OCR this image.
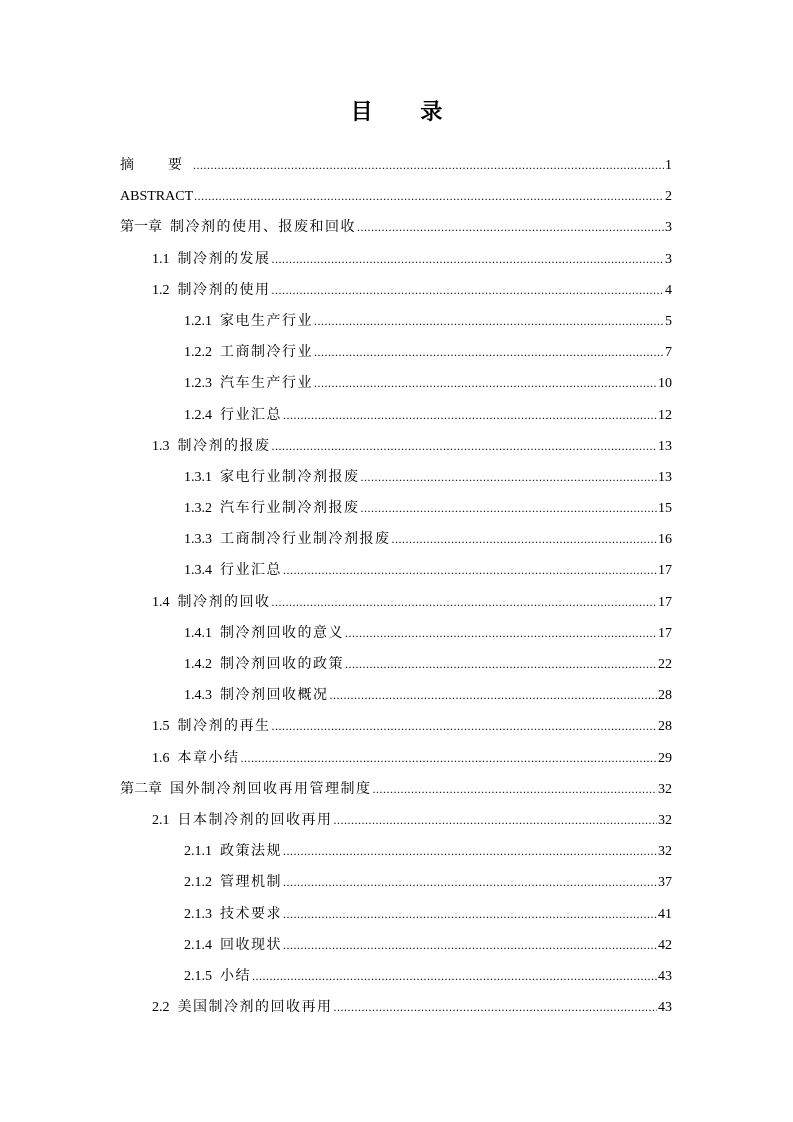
目 录
摘　要 .....	1
ABSTRACT .....	2
第一章 制冷剂的使用、报废和回收 .....	3
1.1 制冷剂的发展 .....	3
1.2 制冷剂的使用 .....	4
1.2.1 家电生产行业 .....	5
1.2.2 工商制冷行业 .....	7
1.2.3 汽车生产行业 .....	10
1.2.4 行业汇总 .....	12
1.3 制冷剂的报废 .....	13
1.3.1 家电行业制冷剂报废 .....	13
1.3.2 汽车行业制冷剂报废 .....	15
1.3.3 工商制冷行业制冷剂报废 .....	16
1.3.4 行业汇总 .....	17
1.4 制冷剂的回收 .....	17
1.4.1 制冷剂回收的意义 .....	17
1.4.2 制冷剂回收的政策 .....	22
1.4.3 制冷剂回收概况 .....	28
1.5 制冷剂的再生 .....	28
1.6 本章小结 .....	29
第二章 国外制冷剂回收再用管理制度 .....	32
2.1 日本制冷剂的回收再用 .....	32
2.1.1 政策法规 .....	32
2.1.2 管理机制 .....	37
2.1.3 技术要求 .....	41
2.1.4 回收现状 .....	42
2.1.5 小结 .....	43
2.2 美国制冷剂的回收再用 .....	43
